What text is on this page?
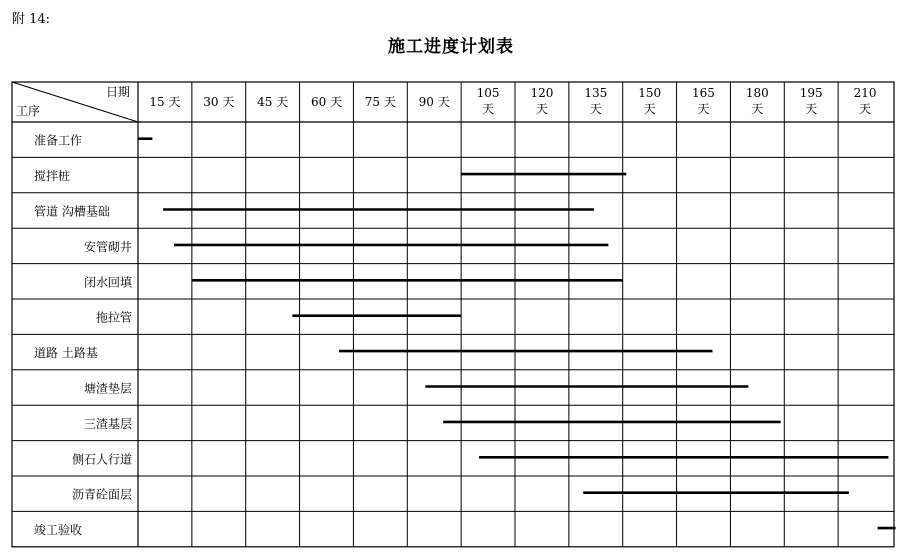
附 14:
施工进度计划表
日期
工序
15 天 30 天 45 天 60 天 75 天 90 天
105
天
120
天
135
天
150
天
165
天
180
天
195
天
210
天
准备工作
搅拌桩
管道 沟槽基础
安管砌井
闭水回填
拖拉管
道路 土路基
塘渣垫层
三渣基层
侧石人行道
沥青砼面层
竣工验收
